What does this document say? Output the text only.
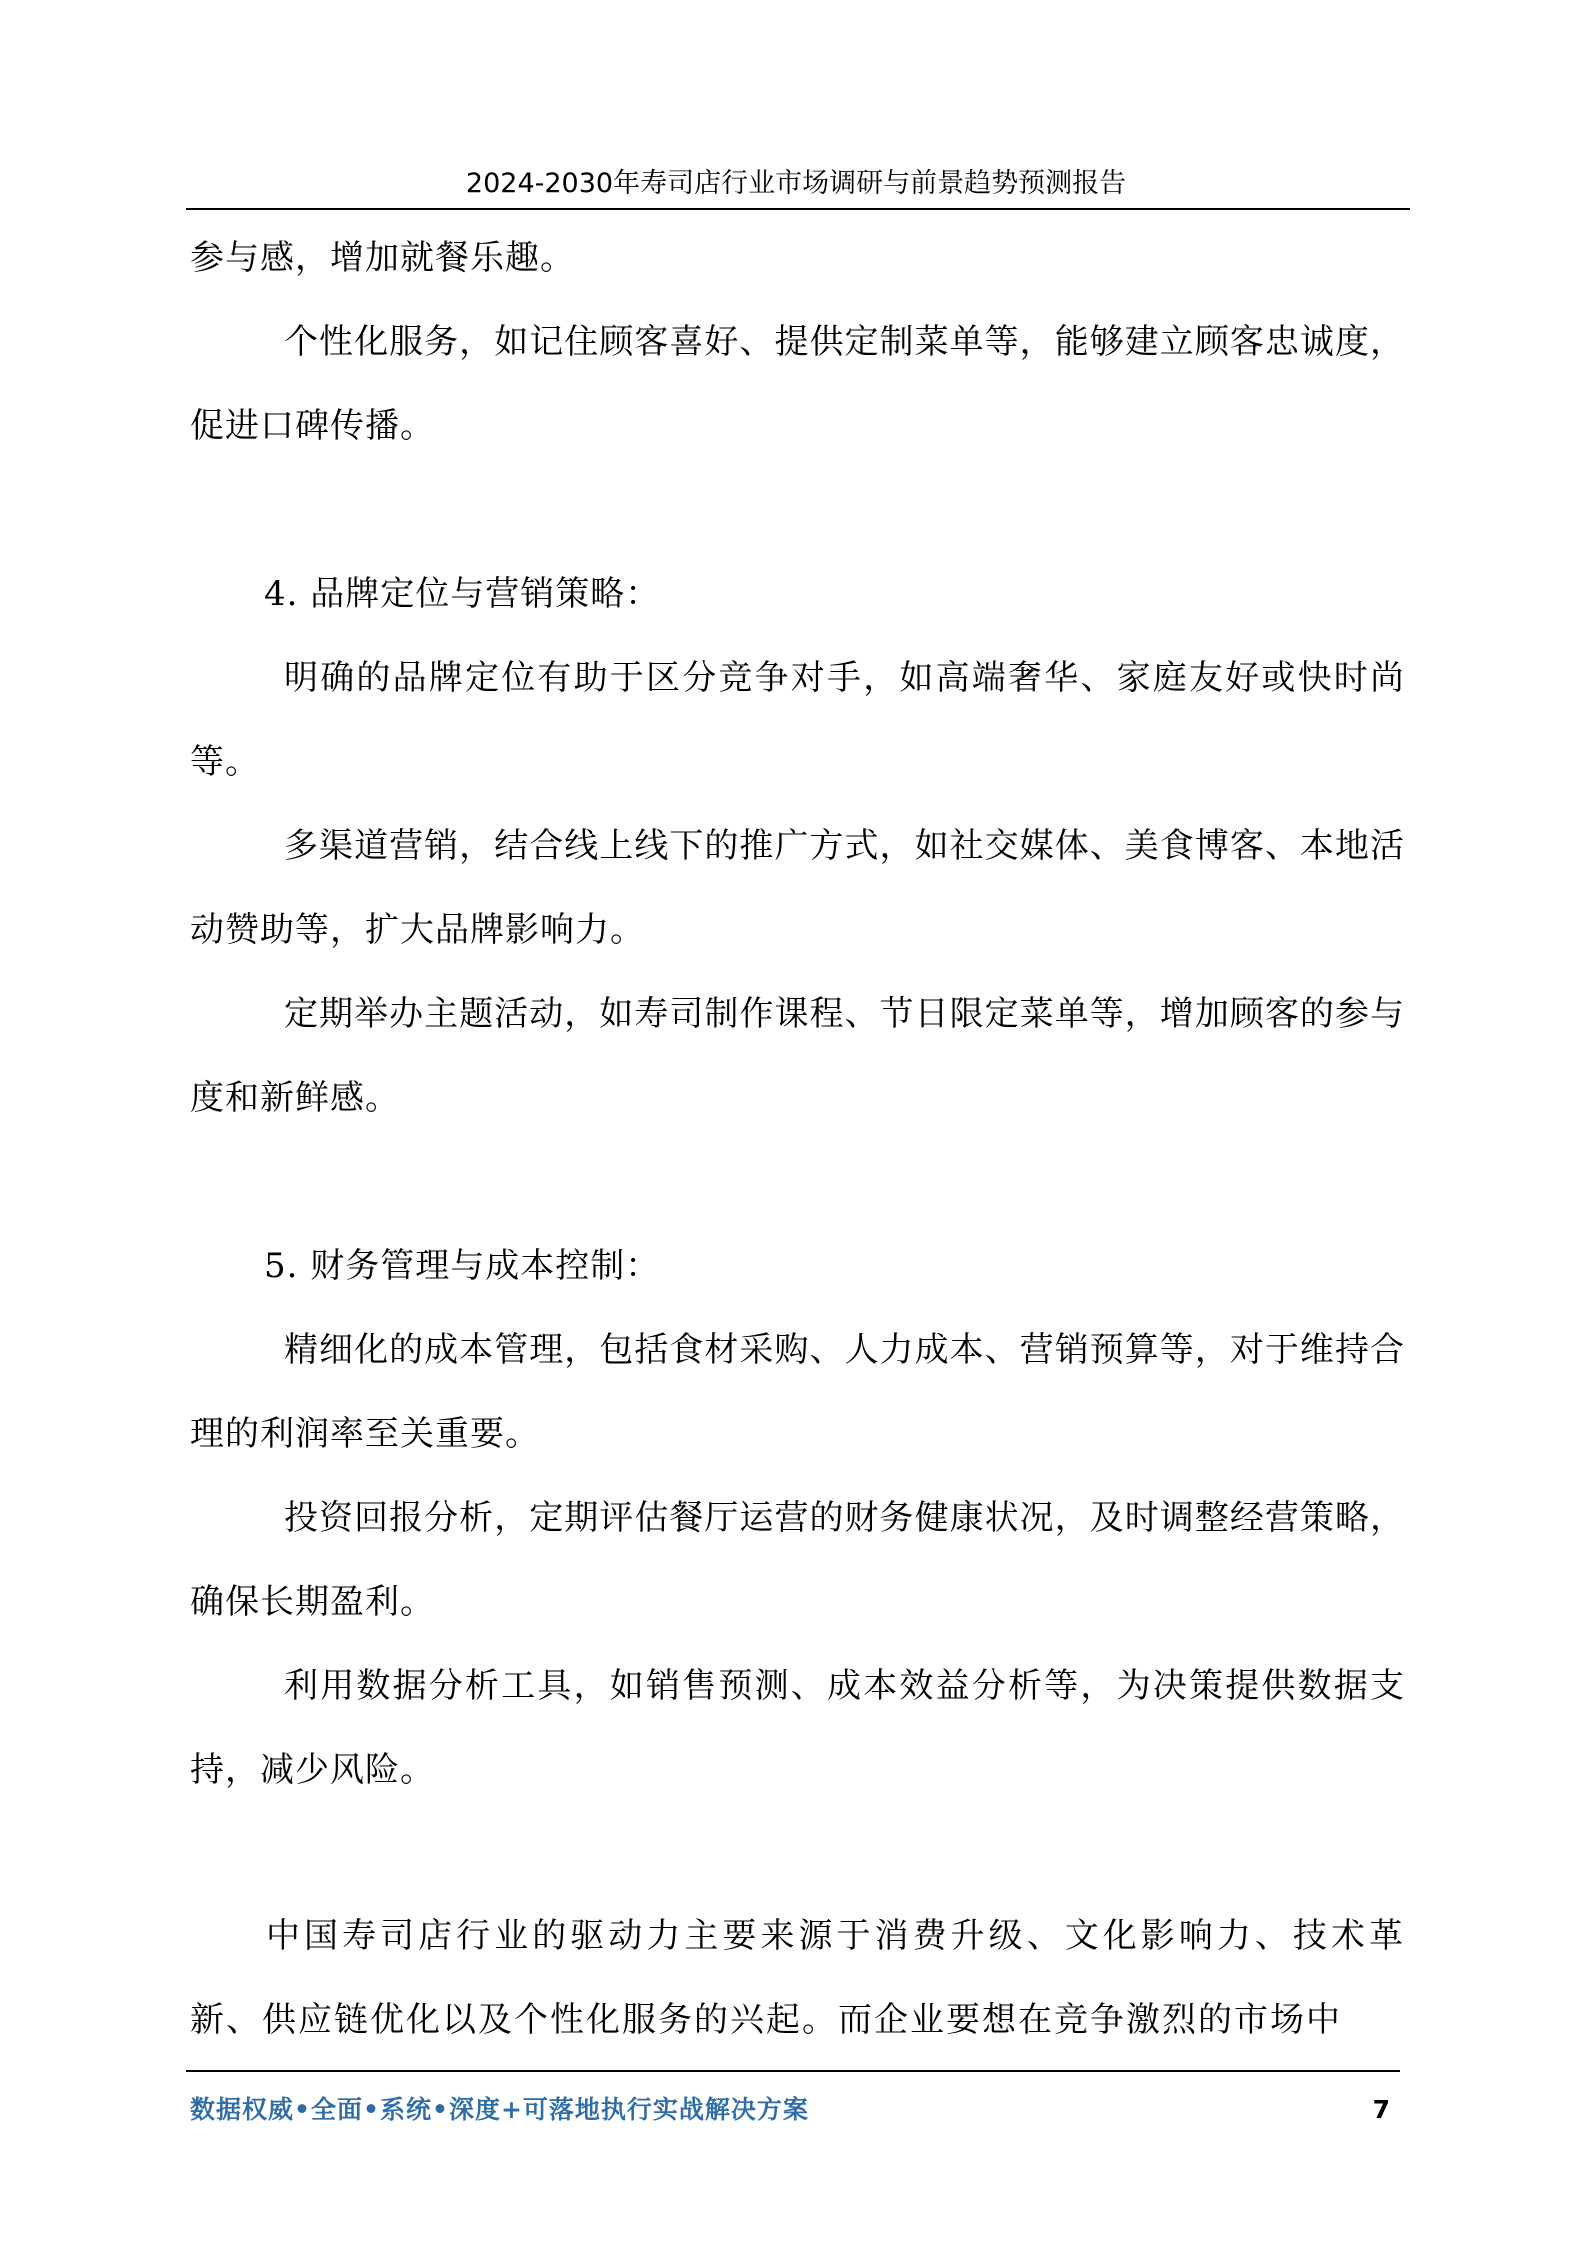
2024-2030年寿司店行业市场调研与前景趋势预测报告

参与感，增加就餐乐趣。

个性化服务，如记住顾客喜好、提供定制菜单等，能够建立顾客忠诚度，促进口碑传播。

4. 品牌定位与营销策略：

明确的品牌定位有助于区分竞争对手，如高端奢华、家庭友好或快时尚等。

多渠道营销，结合线上线下的推广方式，如社交媒体、美食博客、本地活动赞助等，扩大品牌影响力。

定期举办主题活动，如寿司制作课程、节日限定菜单等，增加顾客的参与度和新鲜感。

5. 财务管理与成本控制：

精细化的成本管理，包括食材采购、人力成本、营销预算等，对于维持合理的利润率至关重要。

投资回报分析，定期评估餐厅运营的财务健康状况，及时调整经营策略，确保长期盈利。

利用数据分析工具，如销售预测、成本效益分析等，为决策提供数据支持，减少风险。

中国寿司店行业的驱动力主要来源于消费升级、文化影响力、技术革新、供应链优化以及个性化服务的兴起。而企业要想在竞争激烈的市场中

数据权威•全面•系统•深度+可落地执行实战解决方案	7
